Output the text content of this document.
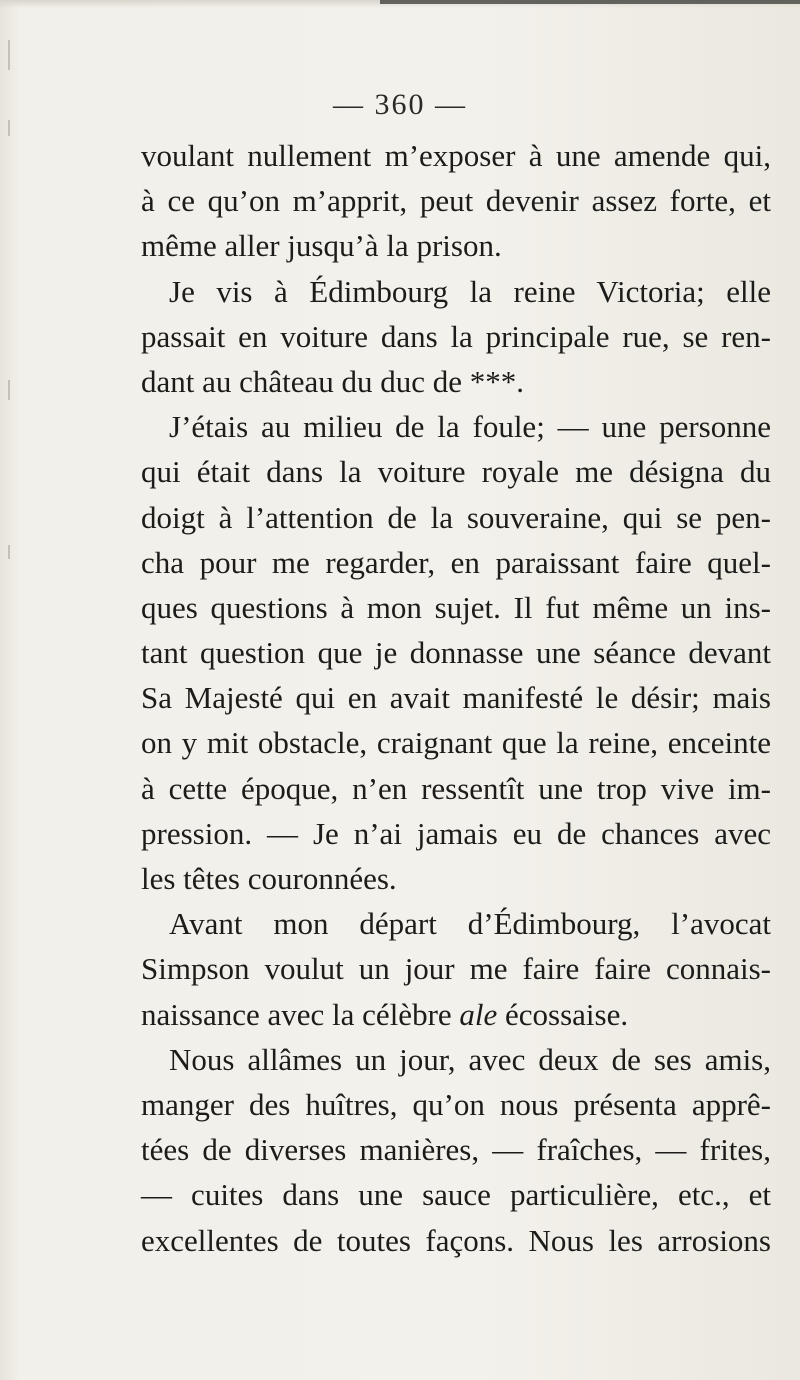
— 360 —
voulant nullement m’exposer à une amende qui,
à ce qu’on m’apprit, peut devenir assez forte, et
même aller jusqu’à la prison.
Je vis à Édimbourg la reine Victoria; elle
passait en voiture dans la principale rue, se ren-
dant au château du duc de ***.
J’étais au milieu de la foule; — une personne
qui était dans la voiture royale me désigna du
doigt à l’attention de la souveraine, qui se pen-
cha pour me regarder, en paraissant faire quel-
ques questions à mon sujet. Il fut même un ins-
tant question que je donnasse une séance devant
Sa Majesté qui en avait manifesté le désir; mais
on y mit obstacle, craignant que la reine, enceinte
à cette époque, n’en ressentît une trop vive im-
pression. — Je n’ai jamais eu de chances avec
les têtes couronnées.
Avant mon départ d’Édimbourg, l’avocat
Simpson voulut un jour me faire faire connais-
naissance avec la célèbre ale écossaise.
Nous allâmes un jour, avec deux de ses amis,
manger des huîtres, qu’on nous présenta apprê-
tées de diverses manières, — fraîches, — frites,
— cuites dans une sauce particulière, etc., et
excellentes de toutes façons. Nous les arrosions
